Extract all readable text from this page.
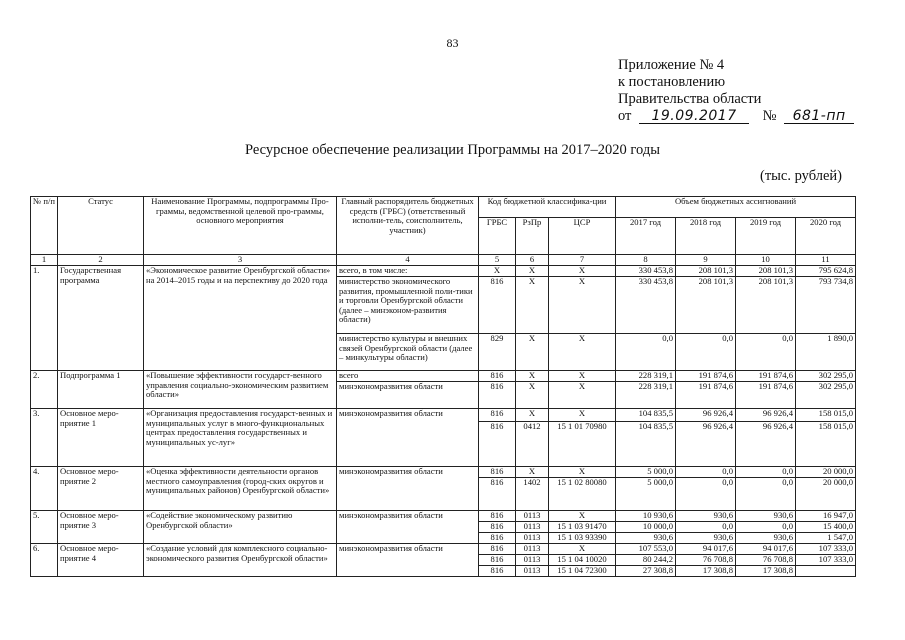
83
Приложение № 4
к постановлению
Правительства области
от 19.09.2017 № 681-пп
Ресурсное обеспечение реализации Программы на 2017–2020 годы
(тыс. рублей)
№ п/п	Статус	Наименование Программы, подпрограммы Про-граммы, ведомственной целевой про-граммы, основного мероприятия	Главный распорядитель бюджетных средств (ГРБС) (ответственный исполни-тель, соисполнитель, участник)	Код бюджетной классифика-ции			Объем бюджетных ассигнований			
				ГРБС	РзПр	ЦСР	2017 год	2018 год	2019 год	2020 год
1	2	3	4	5	6	7	8	9	10	11
1.	Государственная программа	«Экономическое развитие Оренбургской области» на 2014–2015 годы и на перспективу до 2020 года	всего, в том числе:	X	X	X	330 453,8	208 101,3	208 101,3	795 624,8
			министерство экономического развития, промышленной поли-тики и торговли Оренбургской области (далее – минэконом-развития области)	816	X	X	330 453,8	208 101,3	208 101,3	793 734,8
			министерство культуры и внешних связей Оренбургской области (далее – минкультуры области)	829	X	X	0,0	0,0	0,0	1 890,0
2.	Подпрограмма 1	«Повышение эффективности государст-венного управления социально-экономическим развитием области»	всего	816	X	X	228 319,1	191 874,6	191 874,6	302 295,0
			минэкономразвития области	816	X	X	228 319,1	191 874,6	191 874,6	302 295,0
3.	Основное меро-приятие 1	«Организация предоставления государст-венных и муниципальных услуг в много-функциональных центрах предоставления государственных и муниципальных ус-луг»	минэкономразвития области	816	X	X	104 835,5	96 926,4	96 926,4	158 015,0
				816	0412	15 1 01 70980	104 835,5	96 926,4	96 926,4	158 015,0
4.	Основное меро-приятие 2	«Оценка эффективности деятельности органов местного самоуправления (город-ских округов и муниципальных районов) Оренбургской области»	минэкономразвития области	816	X	X	5 000,0	0,0	0,0	20 000,0
				816	1402	15 1 02 80080	5 000,0	0,0	0,0	20 000,0
5.	Основное меро-приятие 3	«Содействие экономическому развитию Оренбургской области»	минэкономразвития области	816	0113	X	10 930,6	930,6	930,6	16 947,0
				816	0113	15 1 03 91470	10 000,0	0,0	0,0	15 400,0
				816	0113	15 1 03 93390	930,6	930,6	930,6	1 547,0
6.	Основное меро-приятие 4	«Создание условий для комплексного социально-экономического развития Оренбургской области»	минэкономразвития области	816	0113	X	107 553,0	94 017,6	94 017,6	107 333,0
				816	0113	15 1 04 10020	80 244,2	76 708,8	76 708,8	107 333,0
				816	0113	15 1 04 72300	27 308,8	17 308,8	17 308,8	
